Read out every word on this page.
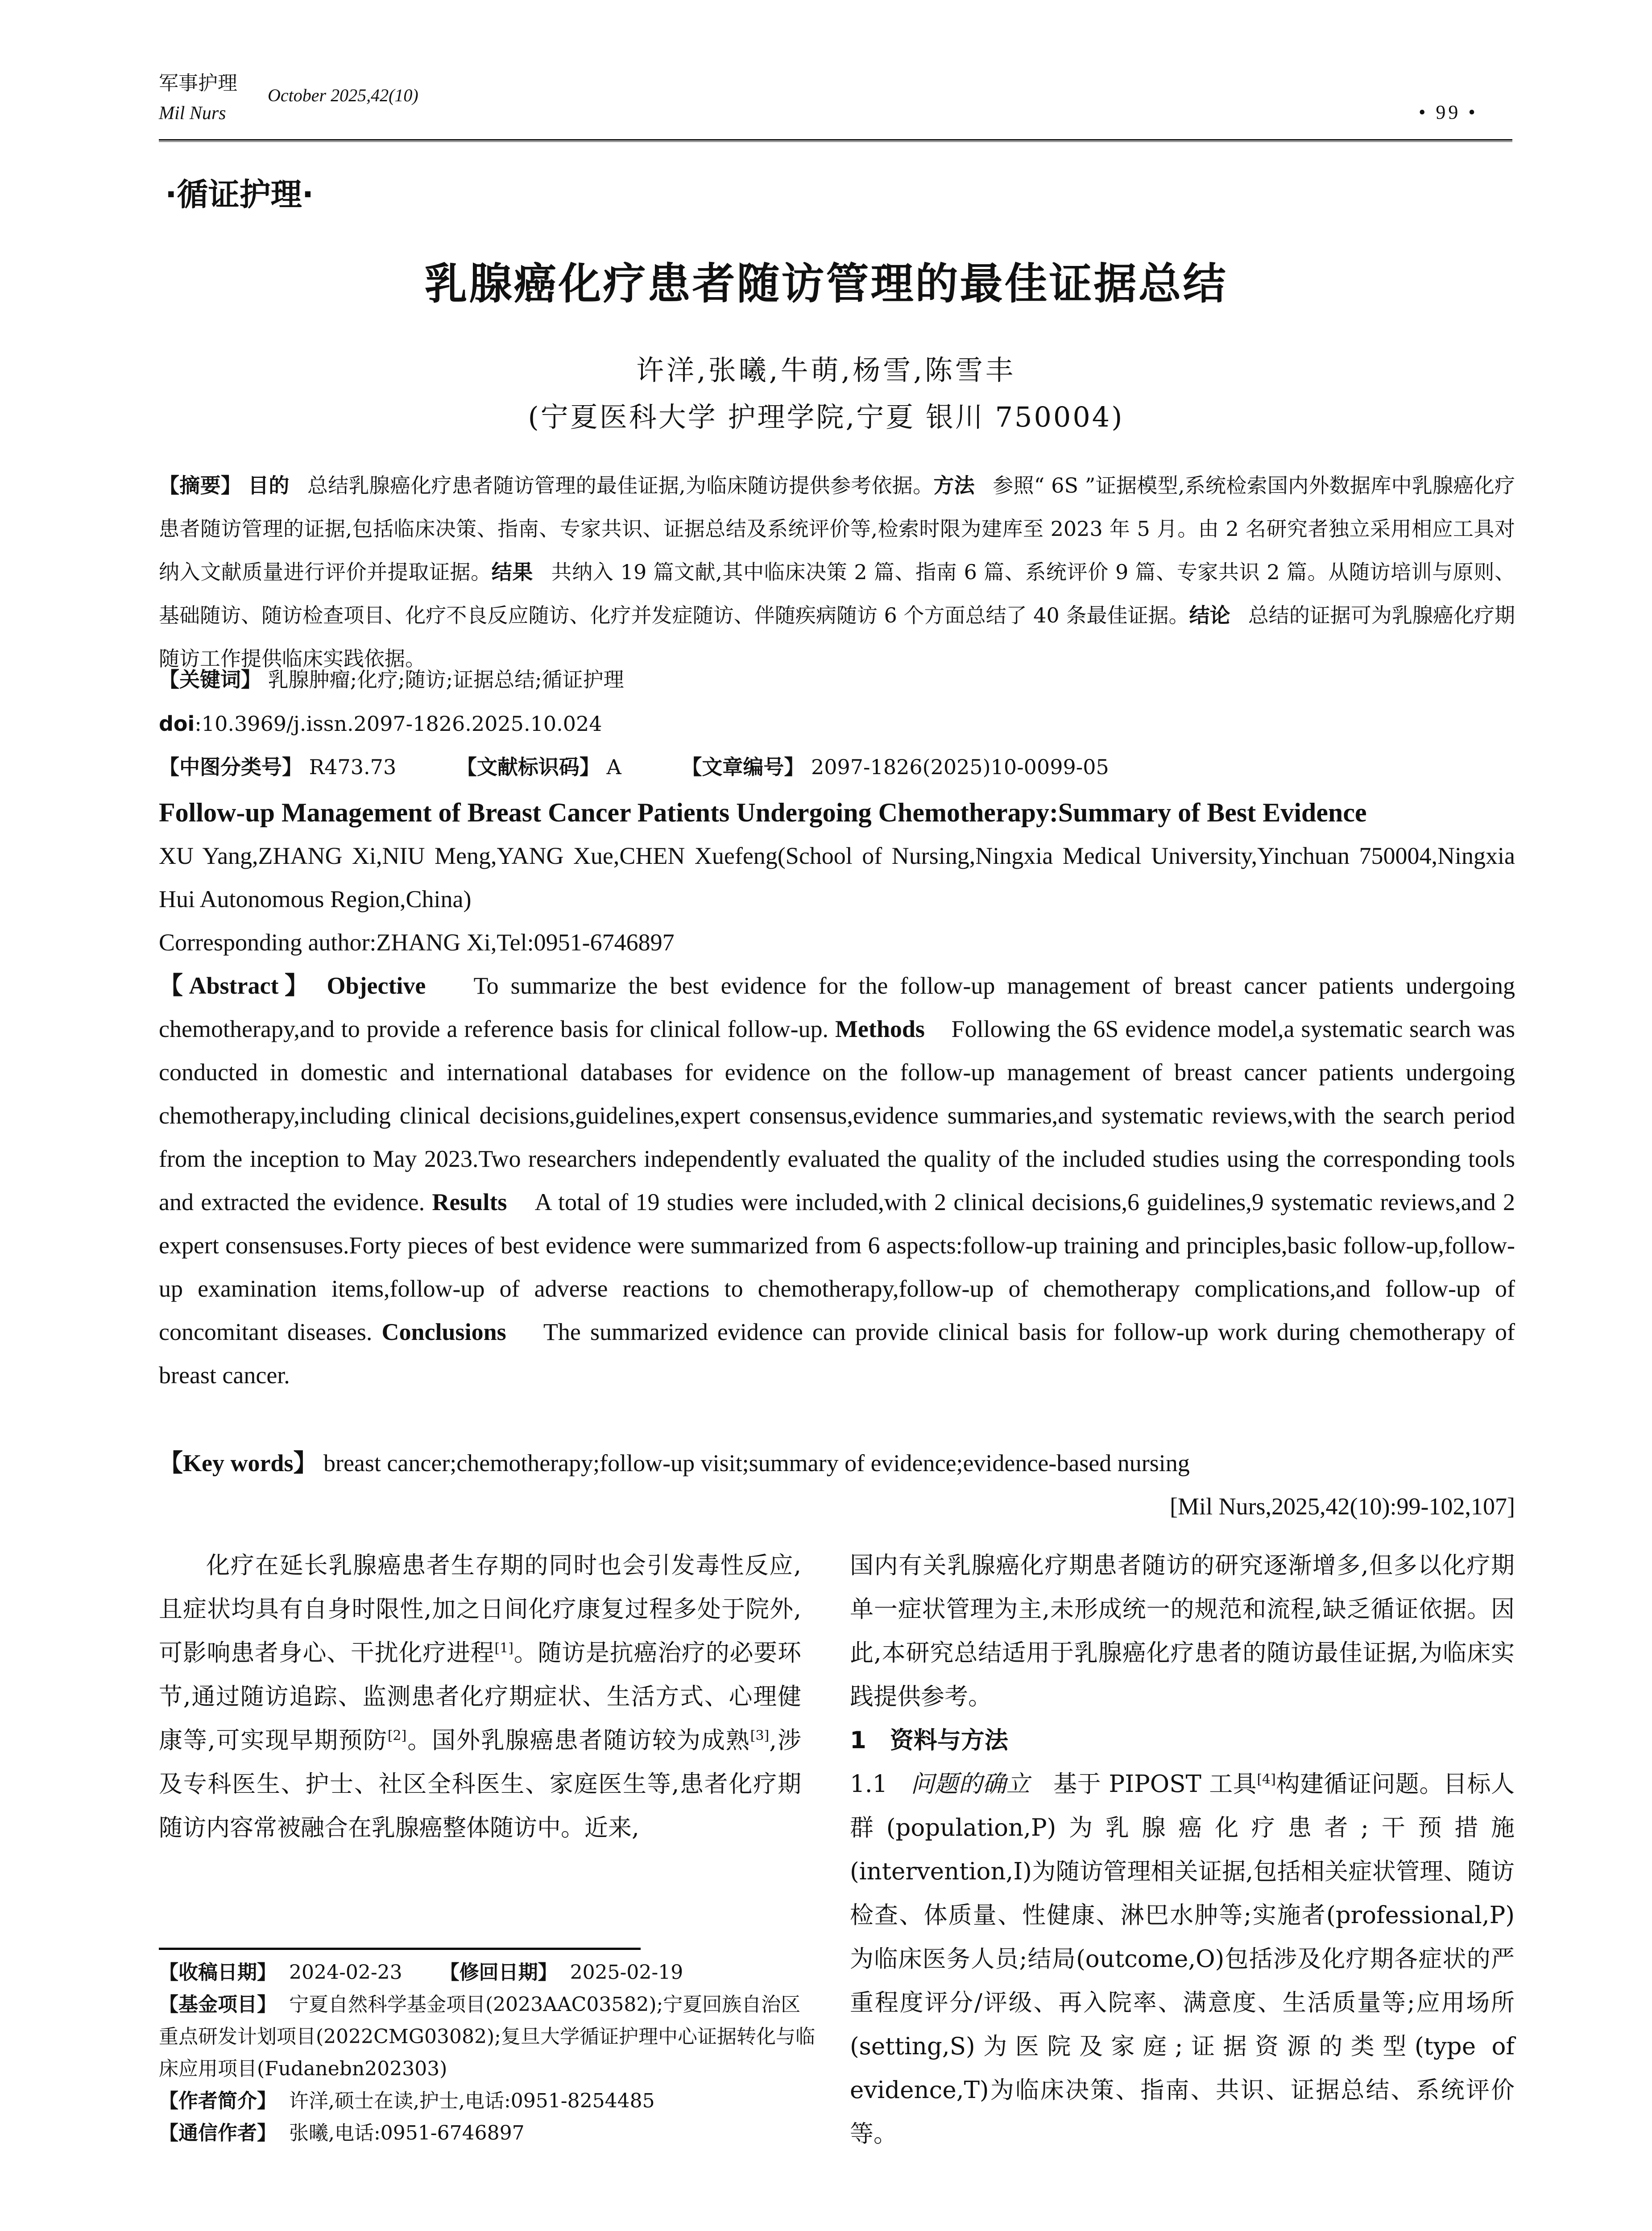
军事护理
October 2025,42(10)
Mil Nurs	• 99 •
·循证护理·
乳腺癌化疗患者随访管理的最佳证据总结
许洋,张曦,牛萌,杨雪,陈雪丰
(宁夏医科大学 护理学院,宁夏 银川 750004)
【摘要】 目的 总结乳腺癌化疗患者随访管理的最佳证据,为临床随访提供参考依据。方法 参照“ 6S ”证据模型,系统检索国内外数据库中乳腺癌化疗患者随访管理的证据,包括临床决策、指南、专家共识、证据总结及系统评价等,检索时限为建库至 2023 年 5 月。由 2 名研究者独立采用相应工具对纳入文献质量进行评价并提取证据。结果 共纳入 19 篇文献,其中临床决策 2 篇、指南 6 篇、系统评价 9 篇、专家共识 2 篇。从随访培训与原则、基础随访、随访检查项目、化疗不良反应随访、化疗并发症随访、伴随疾病随访 6 个方面总结了 40 条最佳证据。结论 总结的证据可为乳腺癌化疗期随访工作提供临床实践依据。
【关键词】 乳腺肿瘤;化疗;随访;证据总结;循证护理
doi:10.3969/j.issn.2097-1826.2025.10.024
【中图分类号】 R473.73	【文献标识码】 A	【文章编号】 2097-1826(2025)10-0099-05
Follow-up Management of Breast Cancer Patients Undergoing Chemotherapy:Summary of Best Evidence
XU Yang,ZHANG Xi,NIU Meng,YANG Xue,CHEN Xuefeng(School of Nursing,Ningxia Medical University,Yinchuan 750004,Ningxia Hui Autonomous Region,China)
Corresponding author:ZHANG Xi,Tel:0951-6746897
【Abstract】 Objective To summarize the best evidence for the follow-up management of breast cancer patients undergoing chemotherapy,and to provide a reference basis for clinical follow-up. Methods Following the 6S evidence model,a systematic search was conducted in domestic and international databases for evidence on the follow-up management of breast cancer patients undergoing chemotherapy,including clinical decisions,guidelines,expert consensus,evidence summaries,and systematic reviews,with the search period from the inception to May 2023.Two researchers independently evaluated the quality of the included studies using the corresponding tools and extracted the evidence. Results A total of 19 studies were included,with 2 clinical decisions,6 guidelines,9 systematic reviews,and 2 expert consensuses.Forty pieces of best evidence were summarized from 6 aspects:follow-up training and principles,basic follow-up,follow-up examination items,follow-up of adverse reactions to chemotherapy,follow-up of chemotherapy complications,and follow-up of concomitant diseases. Conclusions The summarized evidence can provide clinical basis for follow-up work during chemotherapy of breast cancer.
【Key words】 breast cancer;chemotherapy;follow-up visit;summary of evidence;evidence-based nursing
[Mil Nurs,2025,42(10):99-102,107]

化疗在延长乳腺癌患者生存期的同时也会引发毒性反应,且症状均具有自身时限性,加之日间化疗康复过程多处于院外,可影响患者身心、干扰化疗进程[1]。随访是抗癌治疗的必要环节,通过随访追踪、监测患者化疗期症状、生活方式、心理健康等,可实现早期预防[2]。国外乳腺癌患者随访较为成熟[3],涉及专科医生、护士、社区全科医生、家庭医生等,患者化疗期随访内容常被融合在乳腺癌整体随访中。近来,

【收稿日期】 2024-02-23 【修回日期】 2025-02-19
【基金项目】 宁夏自然科学基金项目(2023AAC03582);宁夏回族自治区重点研发计划项目(2022CMG03082);复旦大学循证护理中心证据转化与临床应用项目(Fudanebn202303)
【作者简介】 许洋,硕士在读,护士,电话:0951-8254485
【通信作者】 张曦,电话:0951-6746897

国内有关乳腺癌化疗期患者随访的研究逐渐增多,但多以化疗期单一症状管理为主,未形成统一的规范和流程,缺乏循证依据。因此,本研究总结适用于乳腺癌化疗患者的随访最佳证据,为临床实践提供参考。

1　资料与方法

1.1 问题的确立 基于 PIPOST 工具[4]构建循证问题。目标人群(population,P)为乳腺癌化疗患者;干预措施(intervention,I)为随访管理相关证据,包括相关症状管理、随访检查、体质量、性健康、淋巴水肿等;实施者(professional,P)为临床医务人员;结局(outcome,O)包括涉及化疗期各症状的严重程度评分/评级、再入院率、满意度、生活质量等;应用场所(setting,S)为医院及家庭;证据资源的类型(type of evidence,T)为临床决策、指南、共识、证据总结、系统评价等。
